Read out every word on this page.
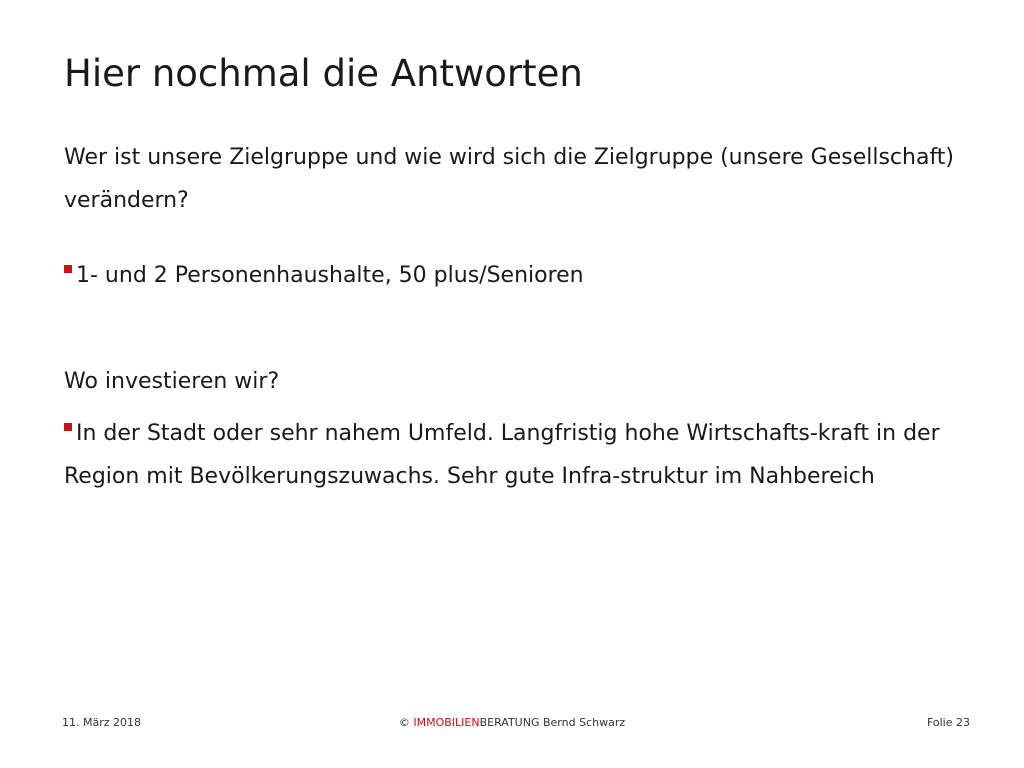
Hier nochmal die Antworten

Wer ist unsere Zielgruppe und wie wird sich die Zielgruppe (unsere Gesellschaft) verändern?

1- und 2 Personenhaushalte, 50 plus/Senioren

Wo investieren wir?

In der Stadt oder sehr nahem Umfeld. Langfristig hohe Wirtschafts-kraft in der Region mit Bevölkerungszuwachs. Sehr gute Infra-struktur im Nahbereich

11. März 2018	© IMMOBILIENBERATUNG Bernd Schwarz	Folie 23
